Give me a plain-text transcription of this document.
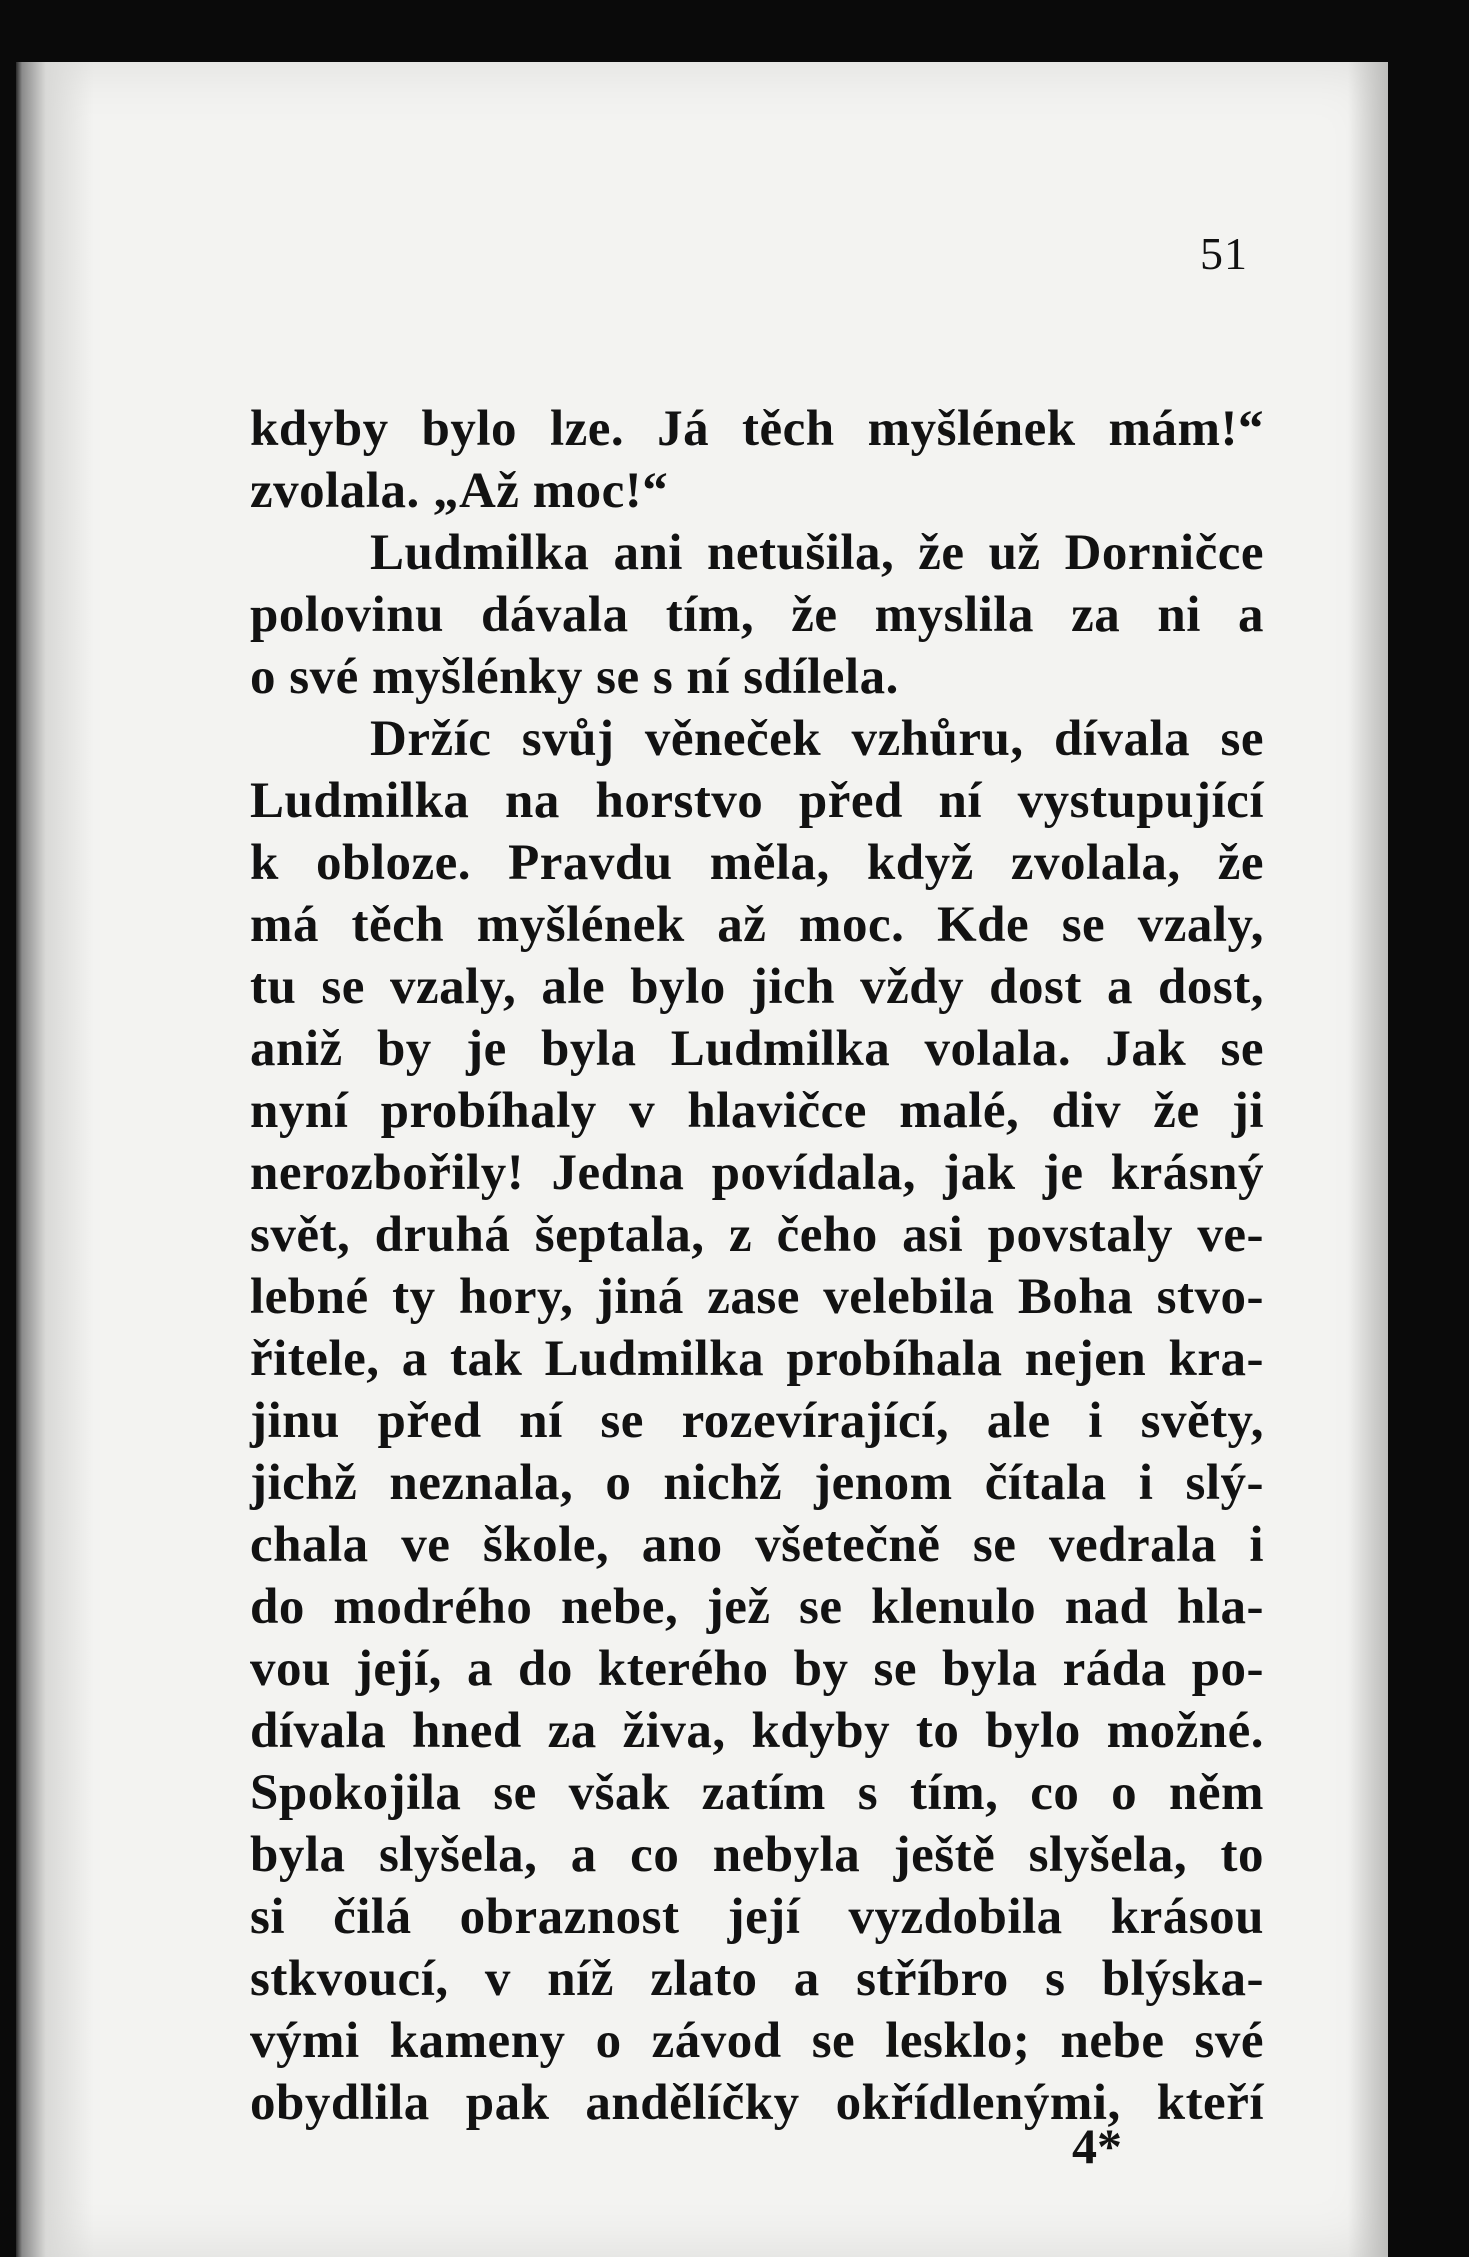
51
kdyby bylo lze. Já těch myšlének mám!“
zvolala. „Až moc!“
Ludmilka ani netušila, že už Dorničce
polovinu dávala tím, že myslila za ni a
o své myšlénky se s ní sdílela.
Držíc svůj věneček vzhůru, dívala se
Ludmilka na horstvo před ní vystupující
k obloze. Pravdu měla, když zvolala, že
má těch myšlének až moc. Kde se vzaly,
tu se vzaly, ale bylo jich vždy dost a dost,
aniž by je byla Ludmilka volala. Jak se
nyní probíhaly v hlavičce malé, div že ji
nerozbořily! Jedna povídala, jak je krásný
svět, druhá šeptala, z čeho asi povstaly ve-
lebné ty hory, jiná zase velebila Boha stvo-
řitele, a tak Ludmilka probíhala nejen kra-
jinu před ní se rozevírající, ale i světy,
jichž neznala, o nichž jenom čítala i slý-
chala ve škole, ano všetečně se vedrala i
do modrého nebe, jež se klenulo nad hla-
vou její, a do kterého by se byla ráda po-
dívala hned za živa, kdyby to bylo možné.
Spokojila se však zatím s tím, co o něm
byla slyšela, a co nebyla ještě slyšela, to
si čilá obraznost její vyzdobila krásou
stkvoucí, v níž zlato a stříbro s blýska-
vými kameny o závod se lesklo; nebe své
obydlila pak andělíčky okřídlenými, kteří
4*
